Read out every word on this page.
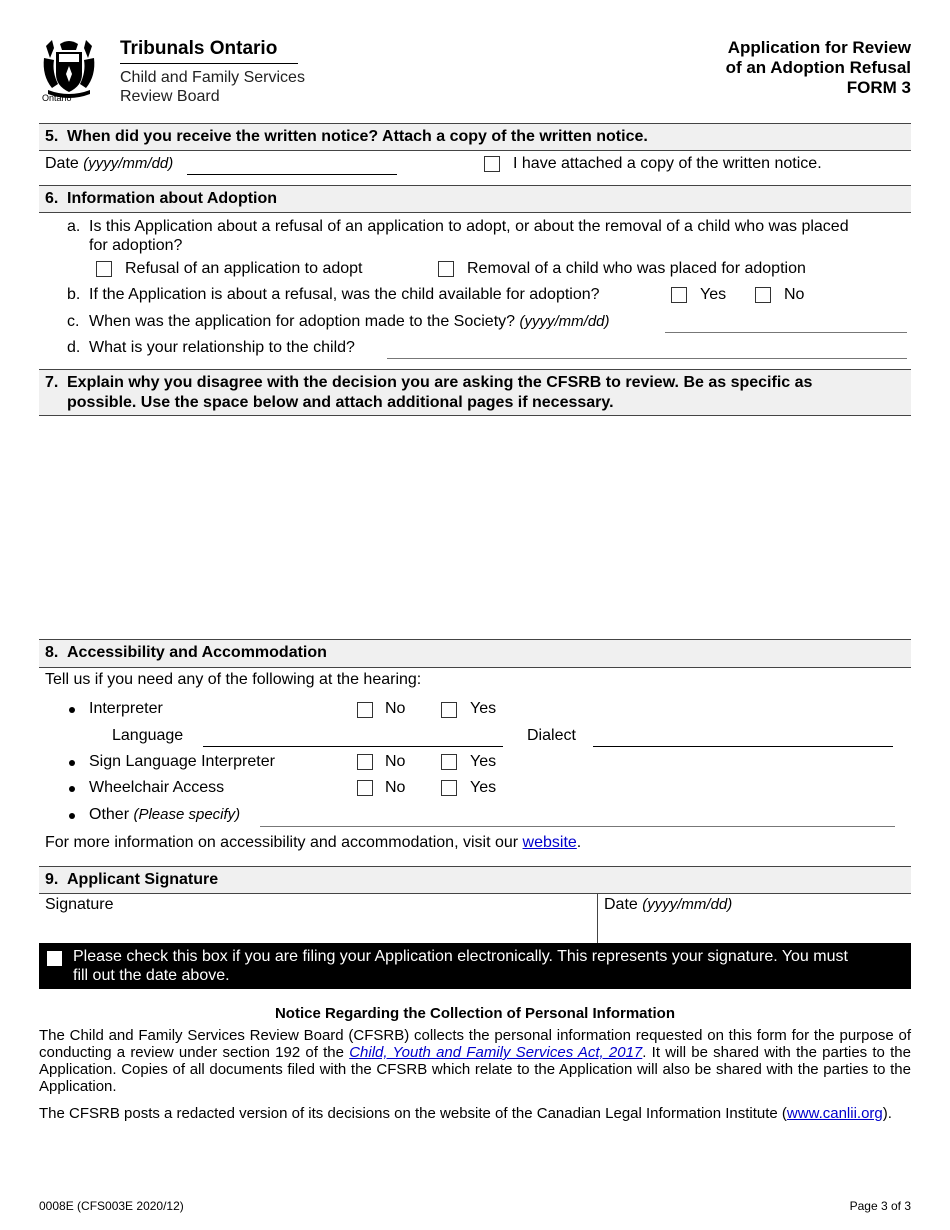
Ontario
Tribunals Ontario
Child and Family Services
Review Board
Application for Review
of an Adoption Refusal
FORM 3
5. When did you receive the written notice? Attach a copy of the written notice.
Date (yyyy/mm/dd)	I have attached a copy of the written notice.
6. Information about Adoption
a. Is this Application about a refusal of an application to adopt, or about the removal of a child who was placed
for adoption?
Refusal of an application to adopt	Removal of a child who was placed for adoption
b. If the Application is about a refusal, was the child available for adoption?	Yes	No
c. When was the application for adoption made to the Society? (yyyy/mm/dd)
d. What is your relationship to the child?
7. Explain why you disagree with the decision you are asking the CFSRB to review. Be as specific as
possible. Use the space below and attach additional pages if necessary.
8. Accessibility and Accommodation
Tell us if you need any of the following at the hearing:
Interpreter	No	Yes
Language	Dialect
Sign Language Interpreter	No	Yes
Wheelchair Access	No	Yes
Other (Please specify)
For more information on accessibility and accommodation, visit our website.
9. Applicant Signature
Signature	Date (yyyy/mm/dd)
Please check this box if you are filing your Application electronically. This represents your signature. You must
fill out the date above.
Notice Regarding the Collection of Personal Information
The Child and Family Services Review Board (CFSRB) collects the personal information requested on this form for the purpose of conducting a review under section 192 of the Child, Youth and Family Services Act, 2017. It will be shared with the parties to the Application. Copies of all documents filed with the CFSRB which relate to the Application will also be shared with the parties to the Application.
The CFSRB posts a redacted version of its decisions on the website of the Canadian Legal Information Institute (www.canlii.org).
0008E (CFS003E 2020/12)	Page 3 of 3
